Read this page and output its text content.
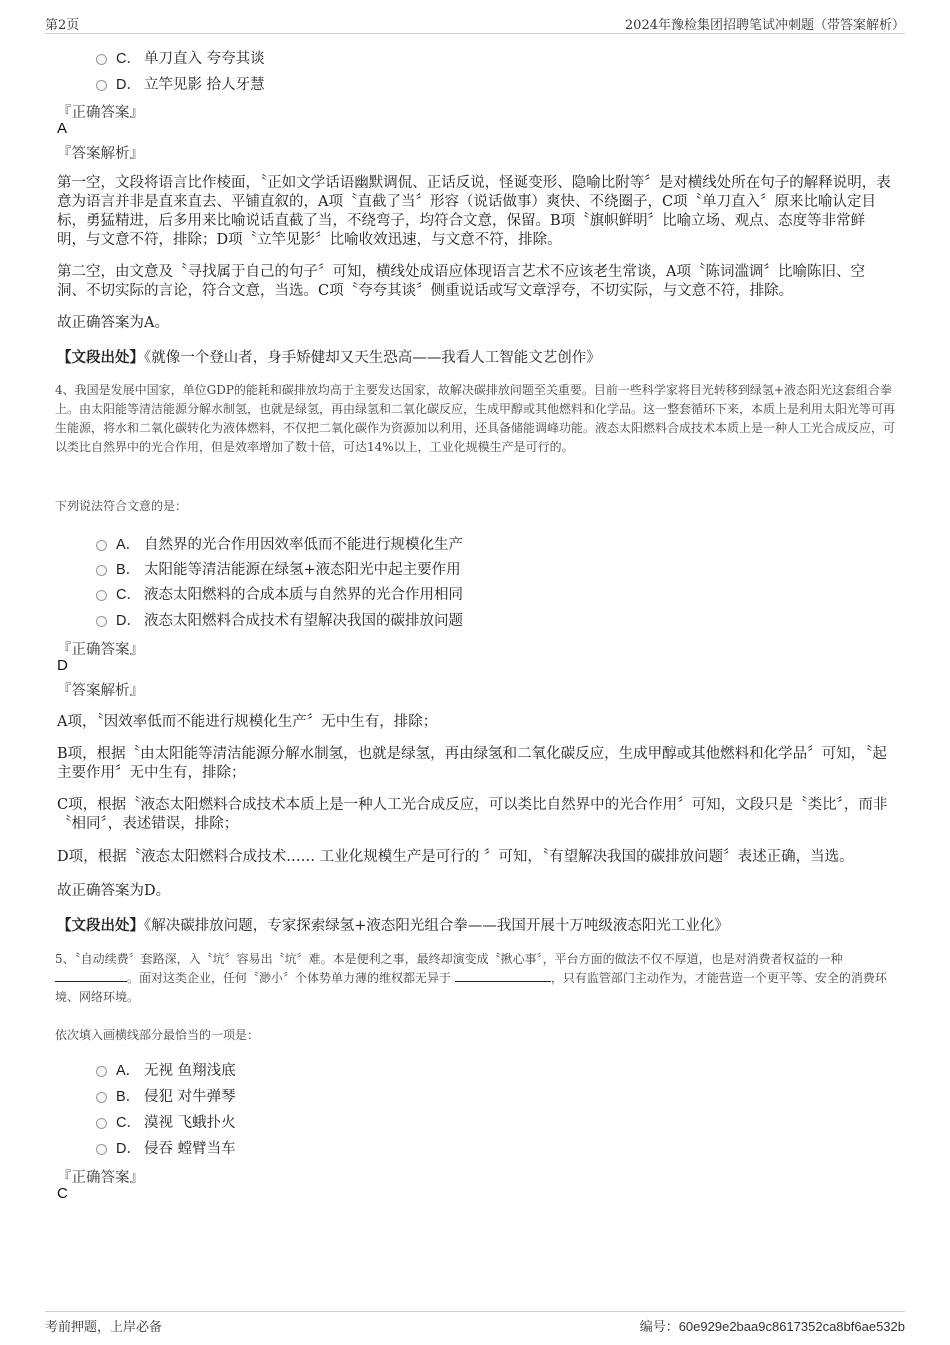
第2页	2024年豫检集团招聘笔试冲刺题（带答案解析）
C． 单刀直入 夸夸其谈
D． 立竿见影 拾人牙慧
『正确答案』
A
『答案解析』
第一空，文段将语言比作棱面，〝正如文学话语幽默调侃、正话反说，怪诞变形、隐喻比附等〞是对横线处所在句子的解释说明，表意为语言并非是直来直去、平铺直叙的，A项〝直截了当〞形容（说话做事）爽快、不绕圈子，C项〝单刀直入〞原来比喻认定目标，勇猛精进，后多用来比喻说话直截了当，不绕弯子，均符合文意，保留。B项〝旗帜鲜明〞比喻立场、观点、态度等非常鲜明，与文意不符，排除；D项〝立竿见影〞比喻收效迅速，与文意不符，排除。
第二空，由文意及〝寻找属于自己的句子〞可知，横线处成语应体现语言艺术不应该老生常谈，A项〝陈词滥调〞比喻陈旧、空洞、不切实际的言论，符合文意，当选。C项〝夸夸其谈〞侧重说话或写文章浮夸，不切实际，与文意不符，排除。
故正确答案为A。
【文段出处】《就像一个登山者，身手矫健却又天生恐高——我看人工智能文艺创作》
4、我国是发展中国家，单位GDP的能耗和碳排放均高于主要发达国家，故解决碳排放问题至关重要。目前一些科学家将目光转移到绿氢+液态阳光这套组合拳上。由太阳能等清洁能源分解水制氢，也就是绿氢，再由绿氢和二氧化碳反应，生成甲醇或其他燃料和化学品。这一整套循环下来，本质上是利用太阳光等可再生能源，将水和二氧化碳转化为液体燃料，不仅把二氧化碳作为资源加以利用，还具备储能调峰功能。液态太阳燃料合成技术本质上是一种人工光合成反应，可以类比自然界中的光合作用，但是效率增加了数十倍，可达14%以上，工业化规模生产是可行的。
下列说法符合文意的是：
A． 自然界的光合作用因效率低而不能进行规模化生产
B． 太阳能等清洁能源在绿氢+液态阳光中起主要作用
C． 液态太阳燃料的合成本质与自然界的光合作用相同
D． 液态太阳燃料合成技术有望解决我国的碳排放问题
『正确答案』
D
『答案解析』
A项，〝因效率低而不能进行规模化生产〞无中生有，排除；
B项，根据〝由太阳能等清洁能源分解水制氢，也就是绿氢，再由绿氢和二氧化碳反应，生成甲醇或其他燃料和化学品〞可知，〝起主要作用〞无中生有，排除；
C项，根据〝液态太阳燃料合成技术本质上是一种人工光合成反应，可以类比自然界中的光合作用〞可知，文段只是〝类比〞，而非〝相同〞，表述错误，排除；
D项，根据〝液态太阳燃料合成技术…… 工业化规模生产是可行的 〞可知，〝有望解决我国的碳排放问题〞表述正确，当选。
故正确答案为D。
【文段出处】《解决碳排放问题，专家探索绿氢+液态阳光组合拳——我国开展十万吨级液态阳光工业化》
5、〝自动续费〞套路深，入〝坑〞容易出〝坑〞难。本是便利之事，最终却演变成〝揪心事〞，平台方面的做法不仅不厚道，也是对消费者权益的一种。面对这类企业，任何〝渺小〞个体势单力薄的维权都无异于	，只有监管部门主动作为，才能营造一个更平等、安全的消费环境、网络环境。
依次填入画横线部分最恰当的一项是：
A． 无视 鱼翔浅底
B． 侵犯 对牛弹琴
C． 漠视 飞蛾扑火
D． 侵吞 螳臂当车
『正确答案』
C
考前押题，上岸必备	编号：60e929e2baa9c8617352ca8bf6ae532b
